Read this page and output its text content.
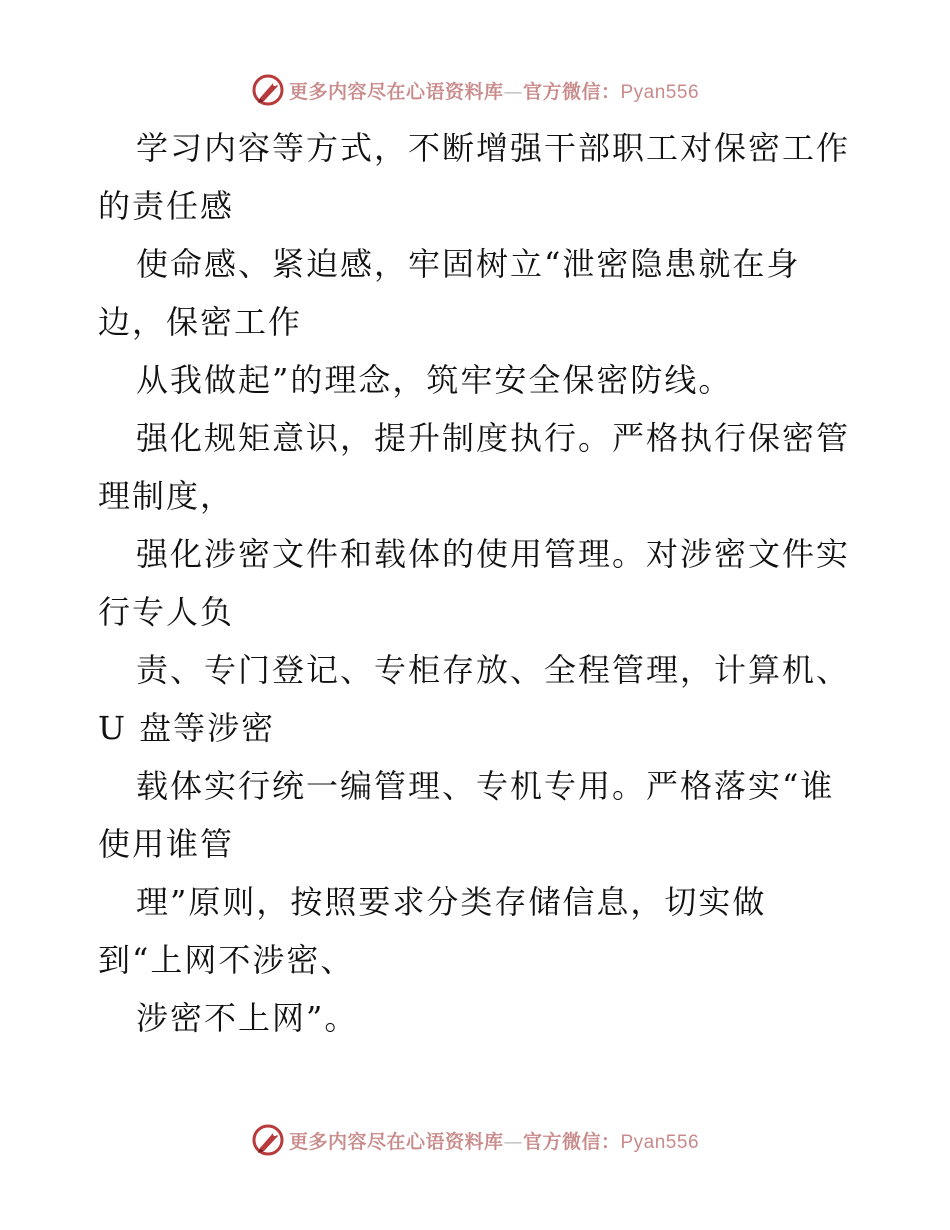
更多内容尽在心语资料库—官方微信：Pyan556
学习内容等方式，不断增强干部职工对保密工作
的责任感
使命感、紧迫感，牢固树立“泄密隐患就在身
边，保密工作
从我做起”的理念，筑牢安全保密防线。
强化规矩意识，提升制度执行。严格执行保密管
理制度，
强化涉密文件和载体的使用管理。对涉密文件实
行专人负
责、专门登记、专柜存放、全程管理，计算机、
U 盘等涉密
载体实行统一编管理、专机专用。严格落实“谁
使用谁管
理”原则，按照要求分类存储信息，切实做
到“上网不涉密、
涉密不上网”。
更多内容尽在心语资料库—官方微信：Pyan556
